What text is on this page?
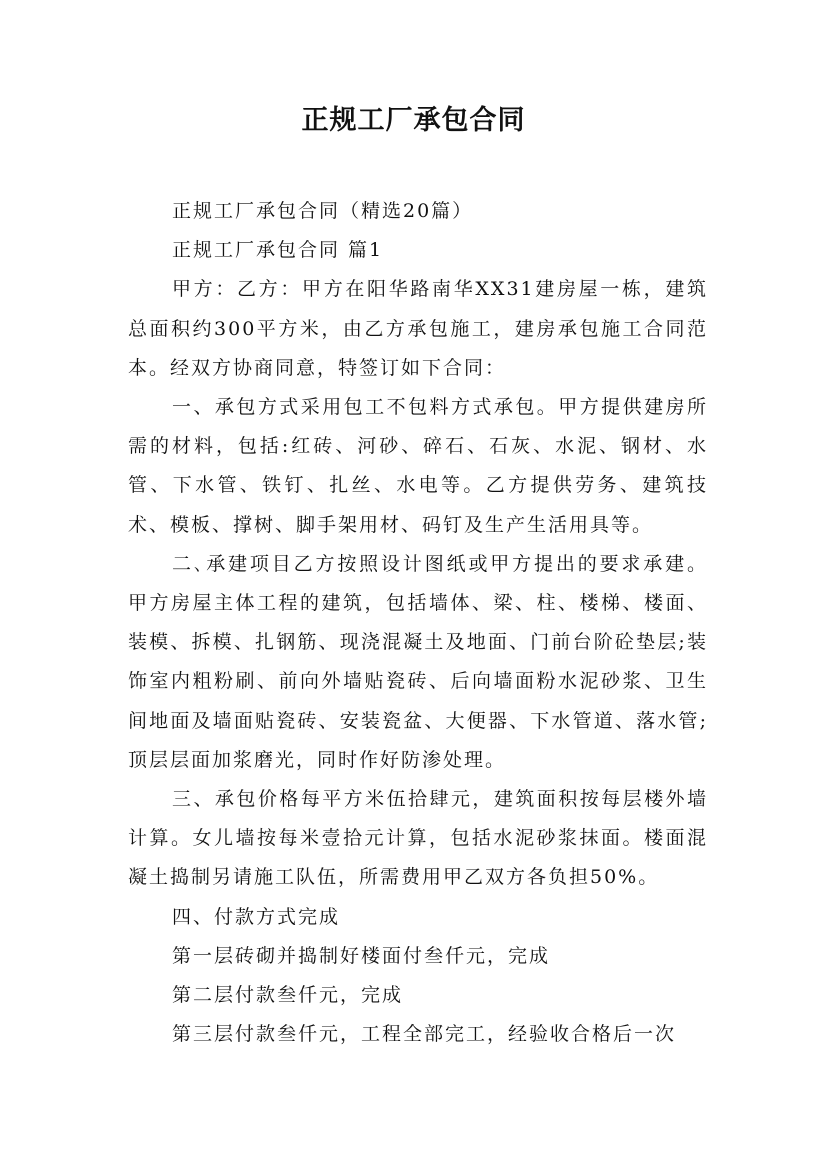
正规工厂承包合同

正规工厂承包合同（精选20篇）

正规工厂承包合同 篇1

甲方：乙方：甲方在阳华路南华XX31建房屋一栋，建筑总面积约300平方米，由乙方承包施工，建房承包施工合同范本。经双方协商同意，特签订如下合同：

一、承包方式采用包工不包料方式承包。甲方提供建房所需的材料，包括:红砖、河砂、碎石、石灰、水泥、钢材、水管、下水管、铁钉、扎丝、水电等。乙方提供劳务、建筑技术、模板、撑树、脚手架用材、码钉及生产生活用具等。

二､承建项目乙方按照设计图纸或甲方提出的要求承建。甲方房屋主体工程的建筑，包括墙体、梁、柱、楼梯、楼面、装模、拆模、扎钢筋、现浇混凝土及地面、门前台阶砼垫层;装饰室内粗粉刷、前向外墙贴瓷砖、后向墙面粉水泥砂浆、卫生间地面及墙面贴瓷砖、安装瓷盆、大便器、下水管道、落水管;顶层层面加浆磨光，同时作好防渗处理。

三、承包价格每平方米伍拾肆元，建筑面积按每层楼外墙计算。女儿墙按每米壹拾元计算，包括水泥砂浆抹面。楼面混凝土捣制另请施工队伍，所需费用甲乙双方各负担50%。

四、付款方式完成

第一层砖砌并捣制好楼面付叁仟元，完成

第二层付款叁仟元，完成

第三层付款叁仟元，工程全部完工，经验收合格后一次
